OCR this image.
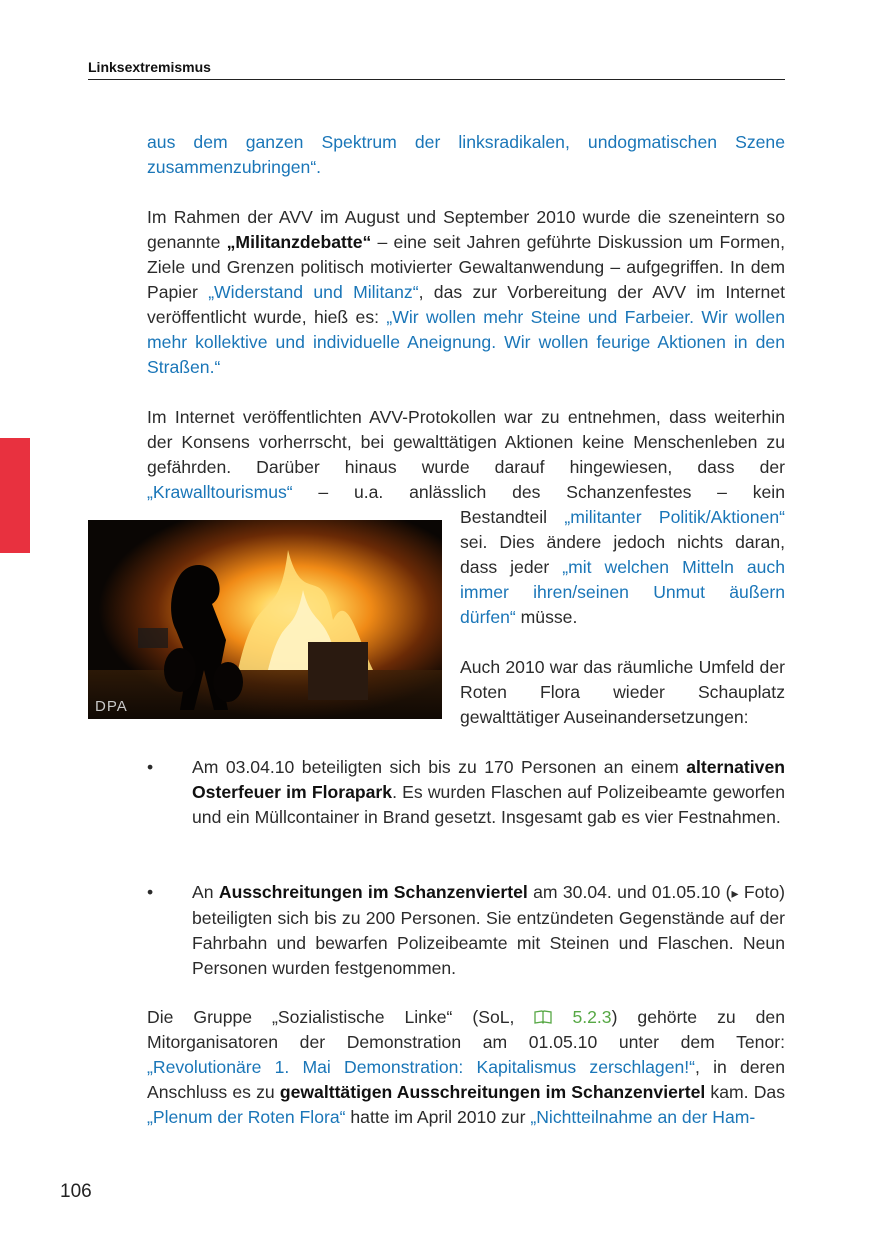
Linksextremismus

aus dem ganzen Spektrum der linksradikalen, undogmatischen Szene zusammenzubringen“.

Im Rahmen der AVV im August und September 2010 wurde die szeneintern so genannte „Militanzdebatte“ – eine seit Jahren geführte Diskussion um Formen, Ziele und Grenzen politisch motivierter Gewaltanwendung – aufgegriffen. In dem Papier „Widerstand und Militanz“, das zur Vorbereitung der AVV im Internet veröffentlicht wurde, hieß es: „Wir wollen mehr Steine und Farbeier. Wir wollen mehr kollektive und individuelle Aneignung. Wir wollen feurige Aktionen in den Straßen.“

Im Internet veröffentlichten AVV-Protokollen war zu entnehmen, dass weiterhin der Konsens vorherrscht, bei gewalttätigen Aktionen keine Menschenleben zu gefährden. Darüber hinaus wurde darauf hingewiesen, dass der „Krawalltourismus“ – u.a. anlässlich des Schanzenfestes – kein

DPA

Bestandteil „militanter Politik/Aktionen“ sei. Dies ändere jedoch nichts daran, dass jeder „mit welchen Mitteln auch immer ihren/seinen Unmut äußern dürfen“ müsse.

Auch 2010 war das räumliche Umfeld der Roten Flora wieder Schauplatz gewalttätiger Auseinandersetzungen:

• Am 03.04.10 beteiligten sich bis zu 170 Personen an einem alternativen Osterfeuer im Florapark. Es wurden Flaschen auf Polizeibeamte geworfen und ein Müllcontainer in Brand gesetzt. Insgesamt gab es vier Festnahmen.

• An Ausschreitungen im Schanzenviertel am 30.04. und 01.05.10 (▸ Foto) beteiligten sich bis zu 200 Personen. Sie entzündeten Gegenstände auf der Fahrbahn und bewarfen Polizeibeamte mit Steinen und Flaschen. Neun Personen wurden festgenommen.

Die Gruppe „Sozialistische Linke“ (SoL,  5.2.3) gehörte zu den Mitorganisatoren der Demonstration am 01.05.10 unter dem Tenor: „Revolutionäre 1. Mai Demonstration: Kapitalismus zerschlagen!“, in deren Anschluss es zu gewalttätigen Ausschreitungen im Schanzenviertel kam. Das „Plenum der Roten Flora“ hatte im April 2010 zur „Nichtteilnahme an der Ham-

106
